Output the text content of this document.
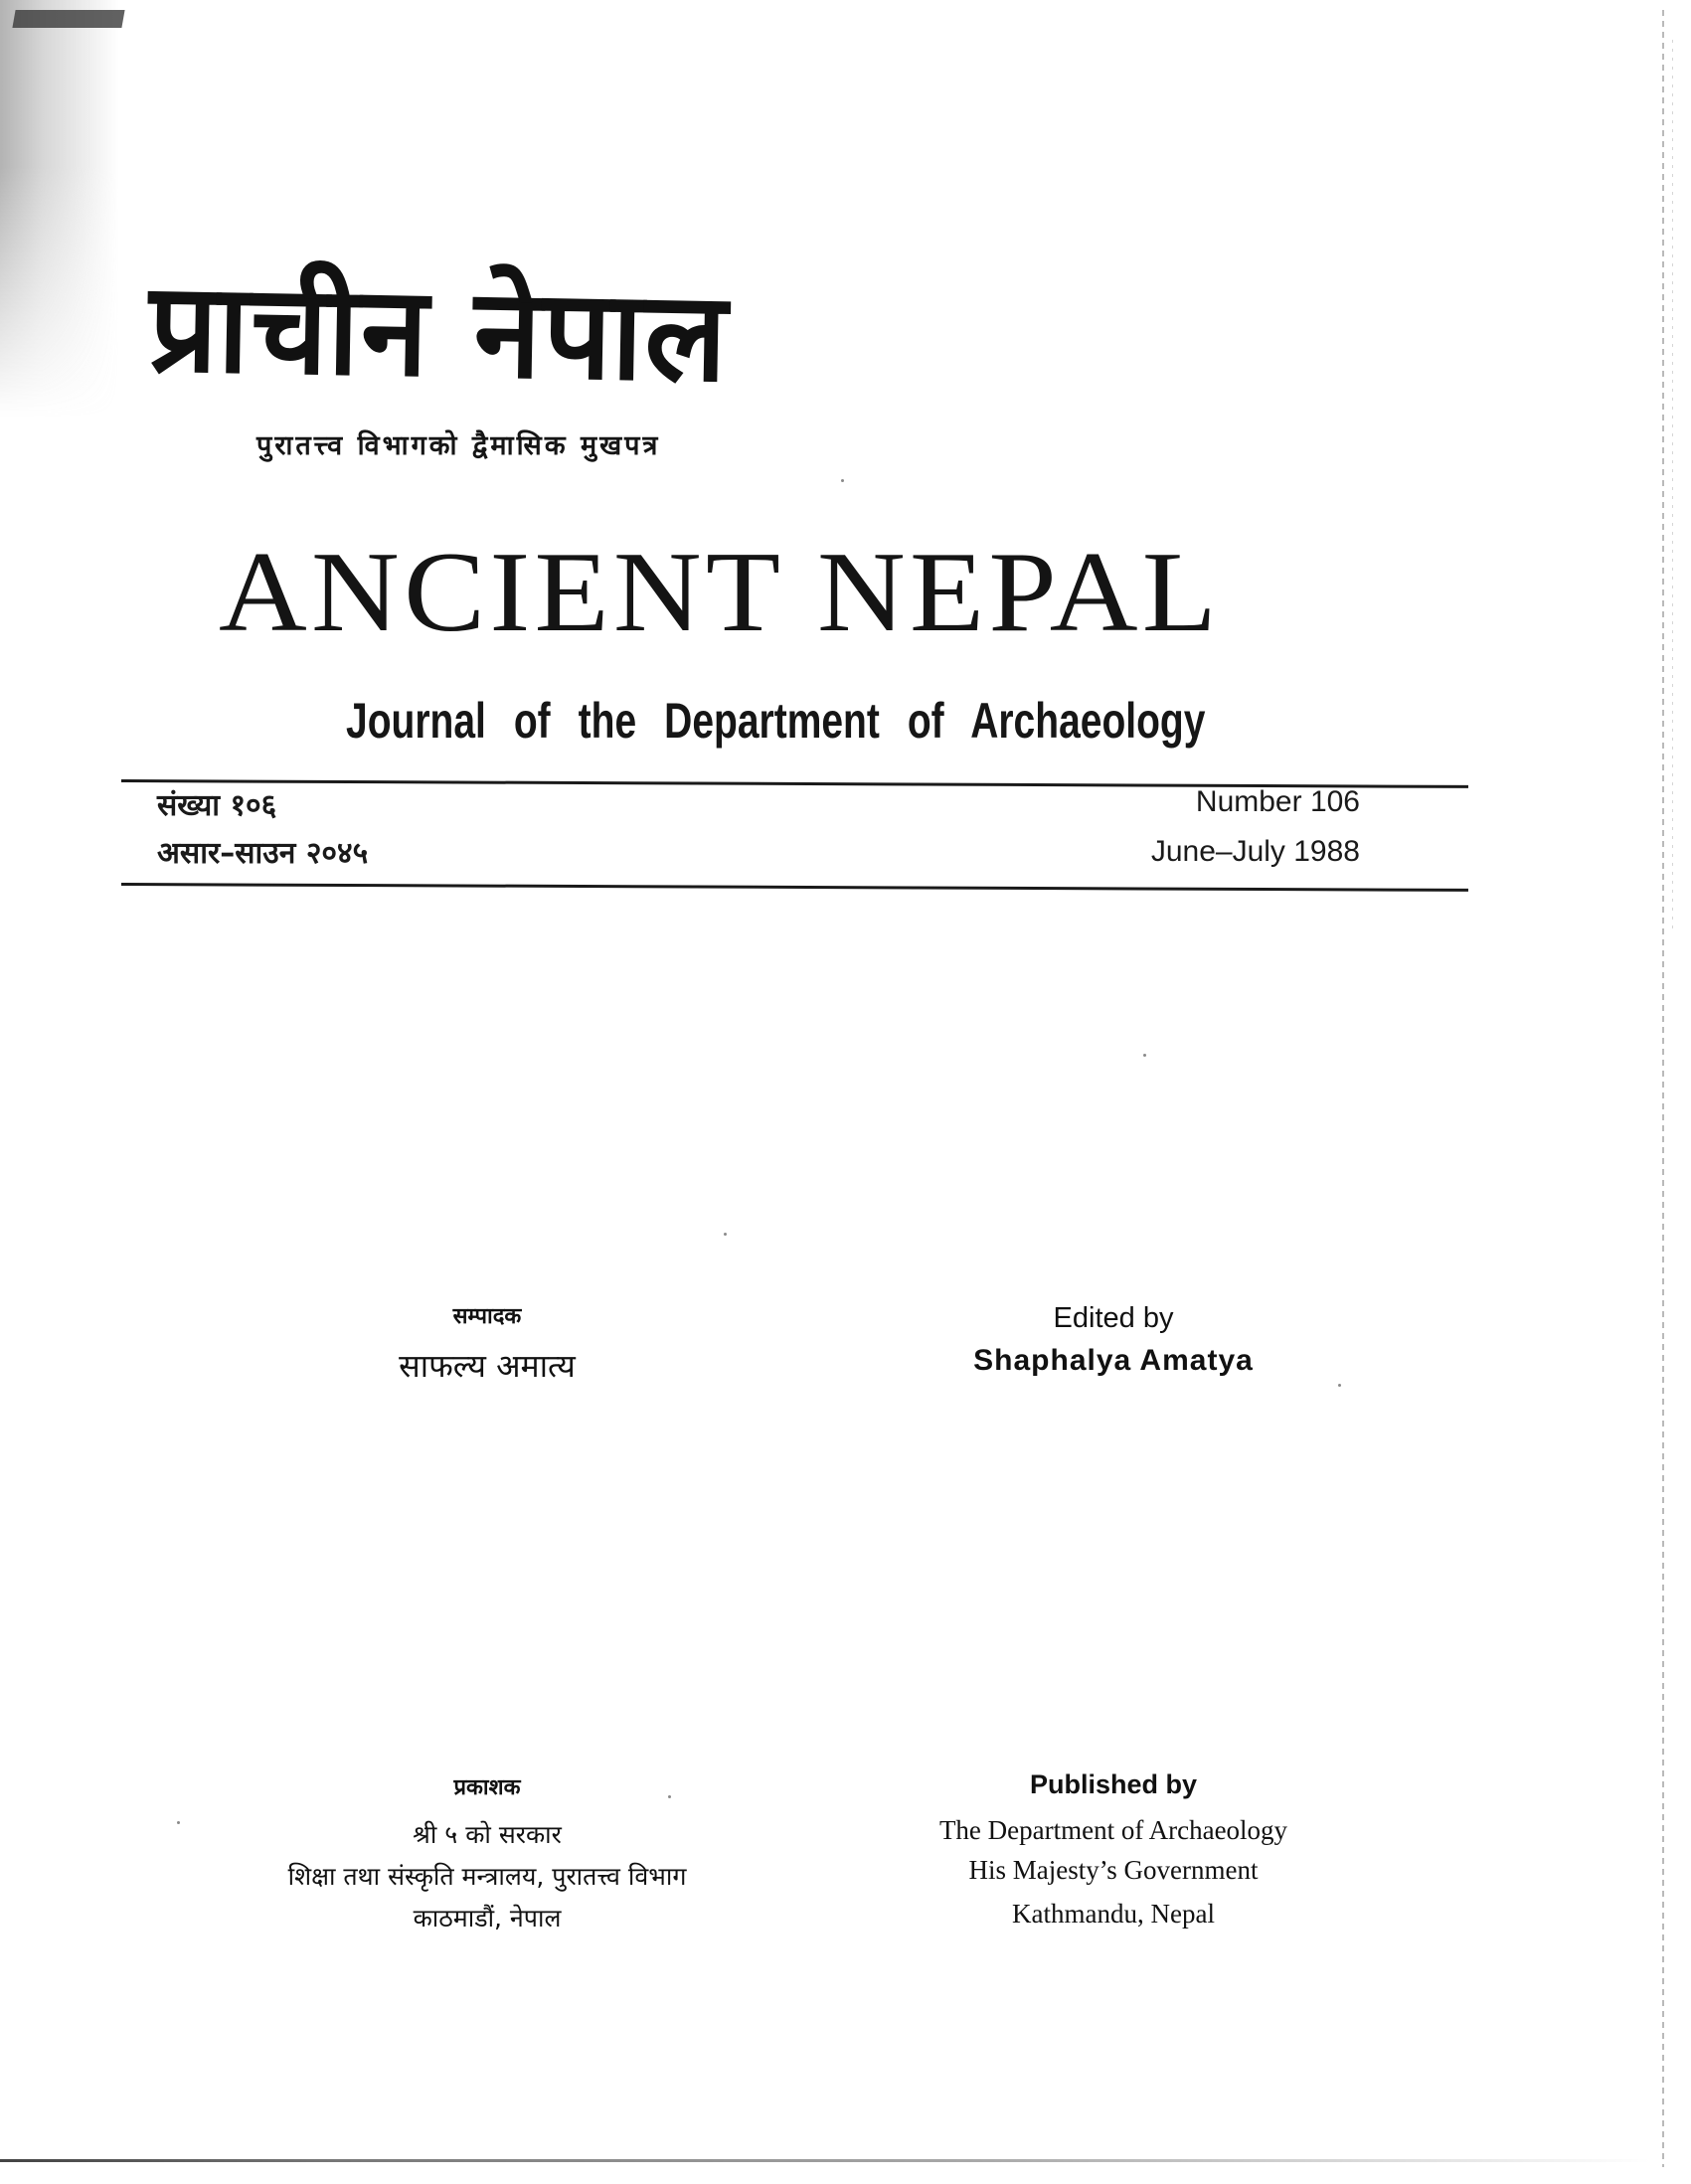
प्राचीन नेपाल
पुरातत्त्व विभागको द्वैमासिक मुखपत्र
ANCIENT NEPAL
Journal of the Department of Archaeology
संख्या १०६
असार–साउन २०४५
Number 106
June–July 1988
सम्पादक
साफल्य अमात्य
Edited by
Shaphalya Amatya
प्रकाशक
श्री ५ को सरकार
शिक्षा तथा संस्कृति मन्त्रालय, पुरातत्त्व विभाग
काठमाडौं, नेपाल
Published by
The Department of Archaeology
His Majesty’s Government
Kathmandu, Nepal
